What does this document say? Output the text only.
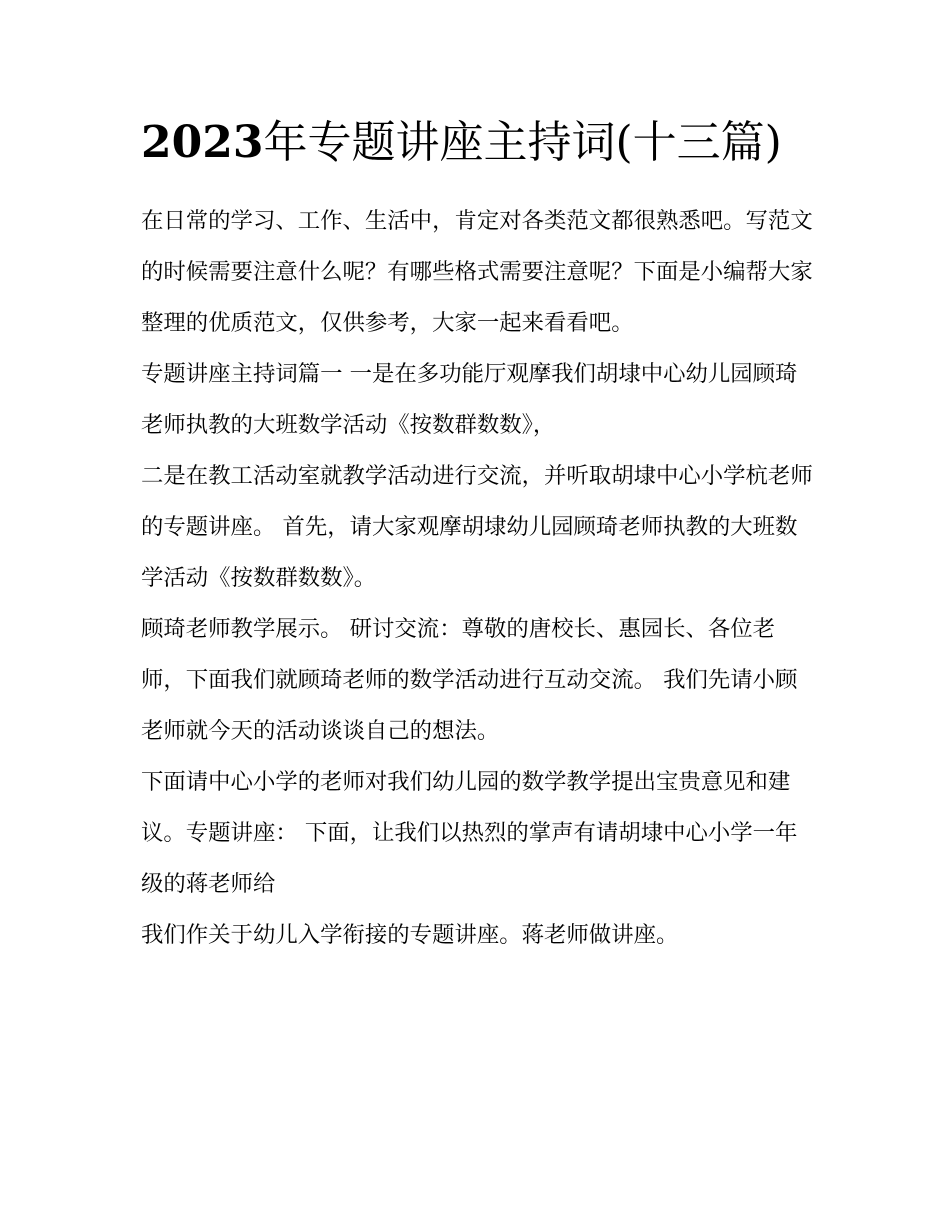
2023年专题讲座主持词(十三篇)

在日常的学习、工作、生活中，肯定对各类范文都很熟悉吧。写范文的时候需要注意什么呢？有哪些格式需要注意呢？下面是小编帮大家整理的优质范文，仅供参考，大家一起来看看吧。

专题讲座主持词篇一 一是在多功能厅观摩我们胡埭中心幼儿园顾琦老师执教的大班数学活动《按数群数数》，

二是在教工活动室就教学活动进行交流，并听取胡埭中心小学杭老师的专题讲座。 首先，请大家观摩胡埭幼儿园顾琦老师执教的大班数学活动《按数群数数》。

顾琦老师教学展示。 研讨交流：尊敬的唐校长、惠园长、各位老师，下面我们就顾琦老师的数学活动进行互动交流。 我们先请小顾老师就今天的活动谈谈自己的想法。

下面请中心小学的老师对我们幼儿园的数学教学提出宝贵意见和建议。专题讲座： 下面，让我们以热烈的掌声有请胡埭中心小学一年级的蒋老师给

我们作关于幼儿入学衔接的专题讲座。蒋老师做讲座。
